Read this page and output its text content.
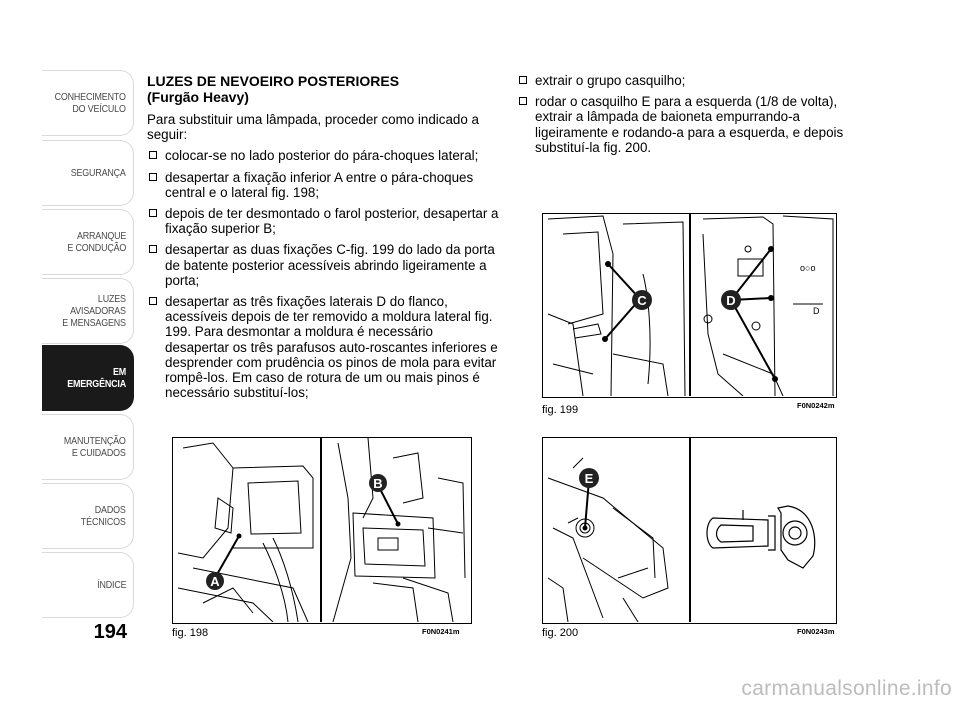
CONHECIMENTO
DO VEÍCULO
SEGURANÇA
ARRANQUE
E CONDUÇÃO
LUZES
AVISADORAS
E MENSAGENS
EM EMERGÊNCIA
MANUTENÇÃO
E CUIDADOS
DADOS
TÉCNICOS
ÍNDICE
194

LUZES DE NEVOEIRO POSTERIORES
(Furgão Heavy)

Para substituir uma lâmpada, proceder como indicado a seguir:

colocar-se no lado posterior do pára-choques lateral;
desapertar a fixação inferior A entre o pára-choques central e o lateral fig. 198;
depois de ter desmontado o farol posterior, desapertar a fixação superior B;
desapertar as duas fixações C-fig. 199 do lado da porta de batente posterior acessíveis abrindo ligeiramente a porta;
desapertar as três fixações laterais D do flanco, acessíveis depois de ter removido a moldura lateral fig. 199. Para desmontar a moldura é necessário desapertar os três parafusos auto-roscantes inferiores e desprender com prudência os pinos de mola para evitar rompê-los. Em caso de rotura de um ou mais pinos é necessário substituí-los;
extrair o grupo casquilho;
rodar o casquilho E para a esquerda (1/8 de volta), extrair a lâmpada de baioneta empurrando-a ligeiramente e rodando-a para a esquerda, e depois substituí-la fig. 200.
A
B
fig. 198	F0N0241m
o○o
D
C	D
fig. 199	F0N0242m
E
fig. 200	F0N0243m
carmanualsonline.info
